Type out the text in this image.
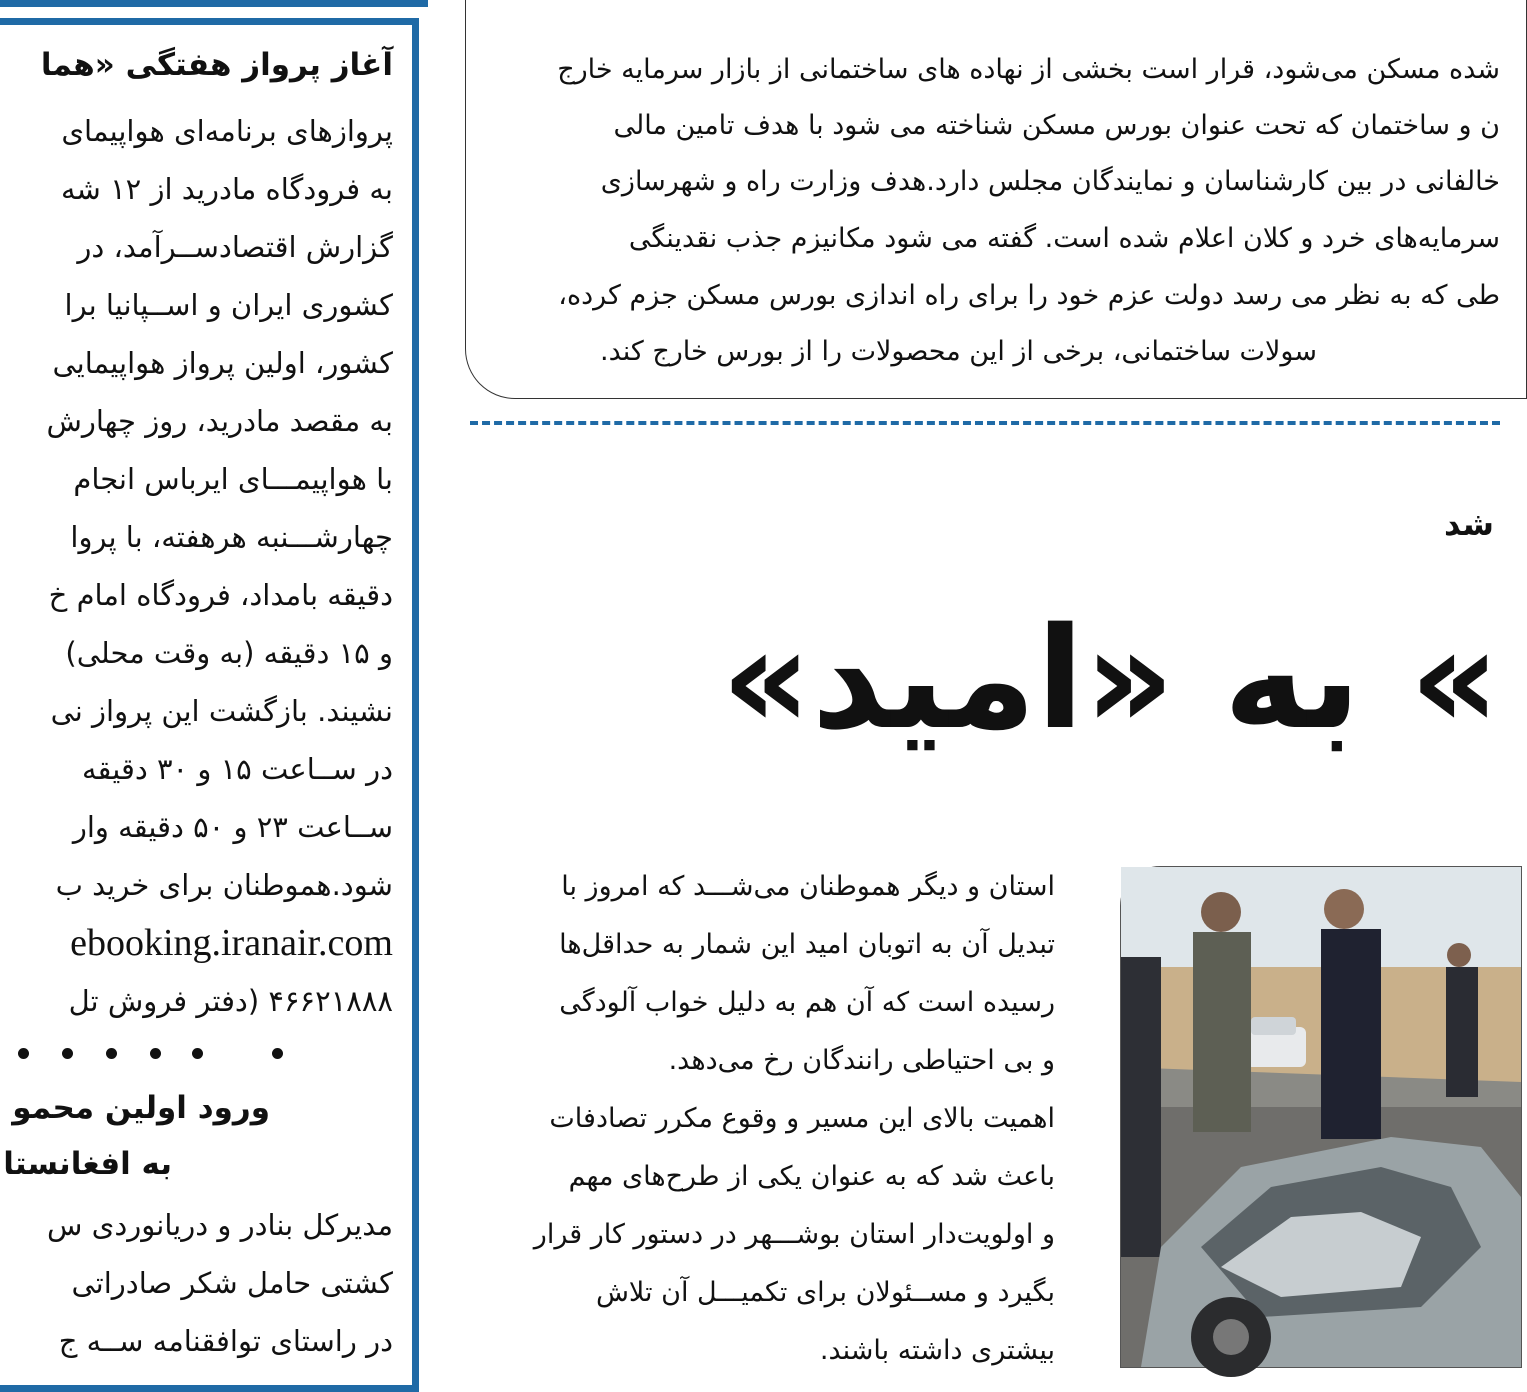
آغاز پرواز هفتگی «هما
پروازهای برنامه‌ای هواپیمای
به فرودگاه مادرید از ۱۲ شه
گزارش اقتصادســرآمد، در
کشوری ایران و اســپانیا برا
کشور، اولین پرواز هواپیمایی
به مقصد مادرید، روز چهارش
با هواپیمـــای ایرباس انجام
چهارشـــنبه هرهفته، با پروا
دقیقه بامداد، فرودگاه امام خ
و ۱۵ دقیقه (به وقت محلی)
نشیند. بازگشت این پرواز نی
در ســاعت ۱۵ و ۳۰ دقیقه
ســاعت ۲۳ و ۵۰ دقیقه وار
شود.هموطنان برای خرید ب
ebooking.iranair.com
۴۶۶۲۱۸۸۸ (دفتر فروش تل
ورود اولین محمو
به افغانستا
مدیرکل بنادر و دریانوردی س
کشتی حامل شکر صادراتی
در راستای توافقنامه ســه ج
شده مسکن می‌شود، قرار است بخشی از نهاده های ساختمانی از بازار سرمایه خارج
ن و ساختمان که تحت عنوان بورس مسکن شناخته می شود با هدف تامین مالی
خالفانی در بین کارشناسان و نمایندگان مجلس دارد.هدف وزارت راه و شهرسازی
سرمایه‌های خرد و کلان اعلام شده است. گفته می شود مکانیزم جذب نقدینگی
طی که به نظر می رسد دولت عزم خود را برای راه اندازی بورس مسکن جزم کرده،
سولات ساختمانی، برخی از این محصولات را از بورس خارج کند.
شد
» به «امید»
استان و دیگر هموطنان می‌شـــد که امروز با
تبدیل آن به اتوبان امید این شمار به حداقل‌ها
رسیده است که آن هم به دلیل خواب آلودگی
و بی احتیاطی رانندگان رخ می‌دهد.
اهمیت بالای این مسیر و وقوع مکرر تصادفات
باعث شد که به عنوان یکی از طرح‌های مهم
و اولویت‌دار استان بوشـــهر در دستور کار قرار
بگیرد و مســئولان برای تکمیـــل آن تلاش
بیشتری داشته باشند.
